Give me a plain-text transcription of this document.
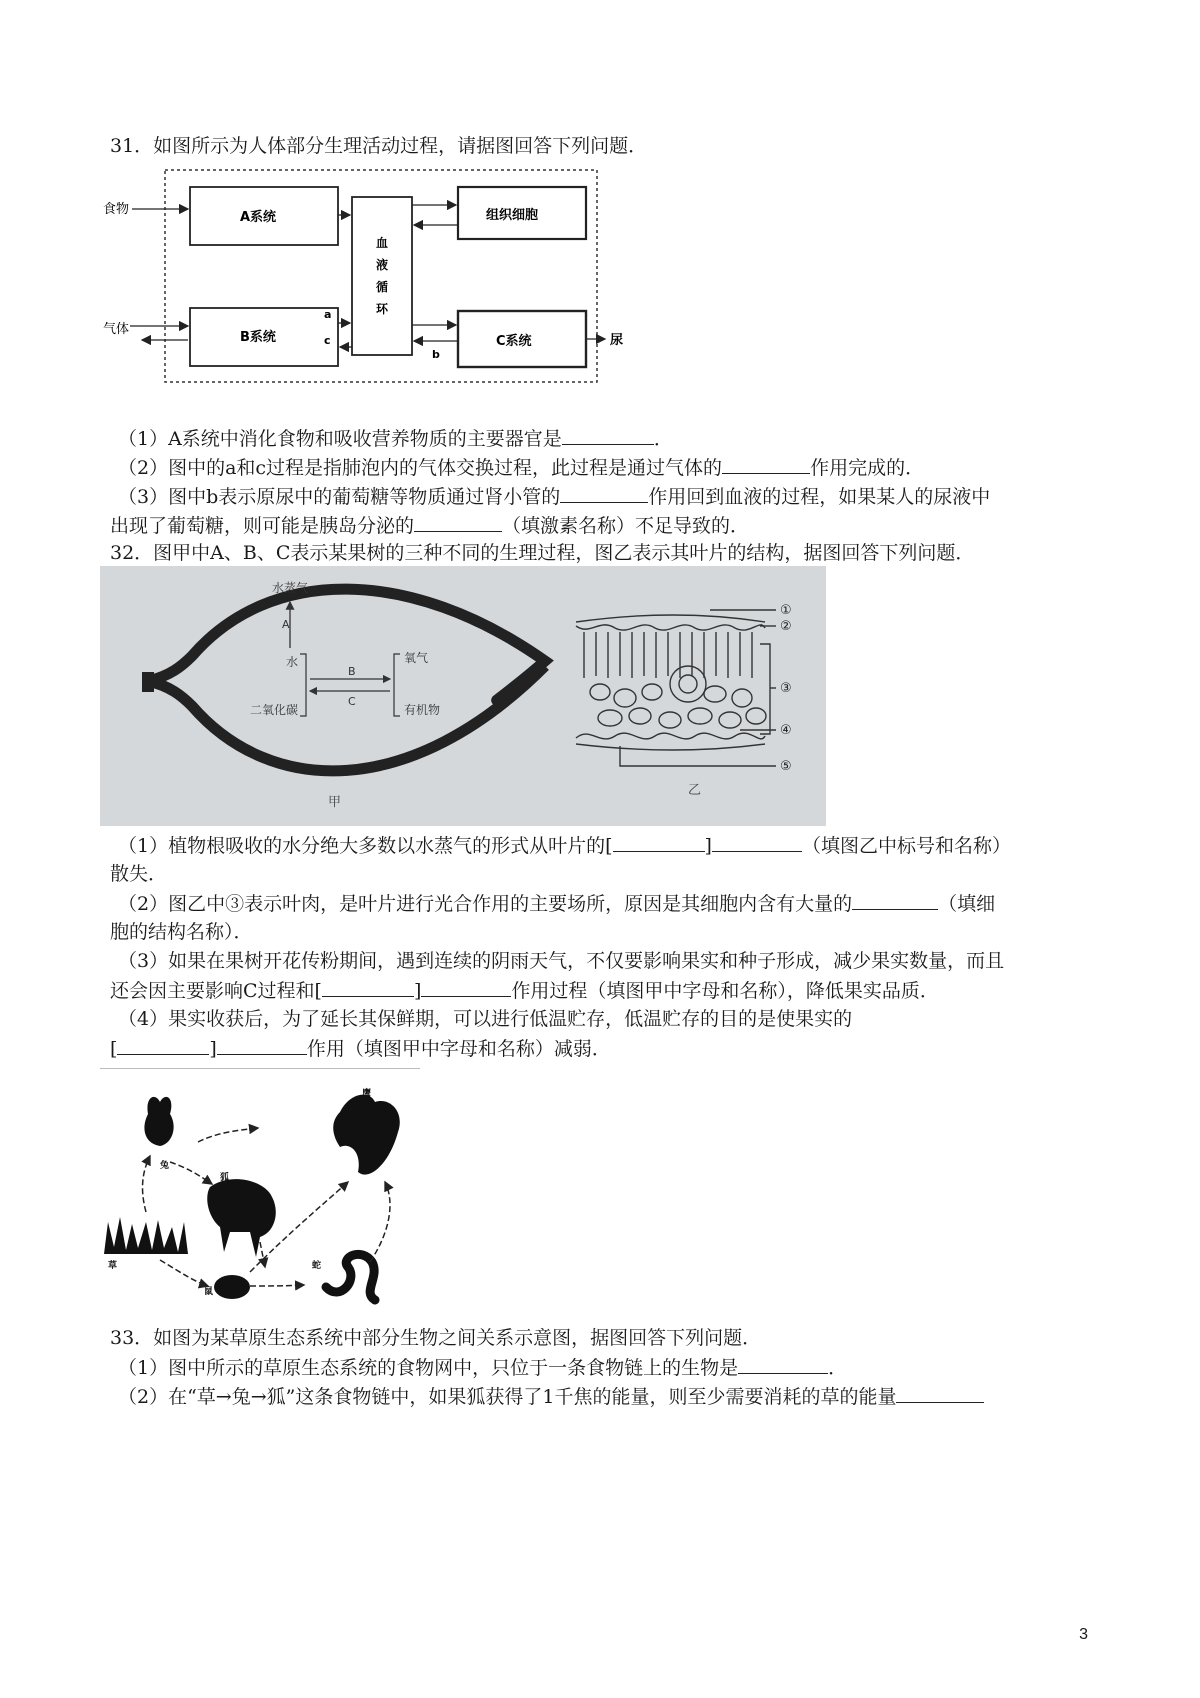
31．如图所示为人体部分生理活动过程，请据图回答下列问题．
食物
A系统
血
液
循
环
组织细胞
气体
B系统
a
c	C系统
b
尿
（1）A系统中消化食物和吸收营养物质的主要器官是	．
（2）图中的a和c过程是指肺泡内的气体交换过程，此过程是通过气体的	作用完成的．
（3）图中b表示原尿中的葡萄糖等物质通过肾小管的	作用回到血液的过程，如果某人的尿液中
出现了葡萄糖，则可能是胰岛分泌的	（填激素名称）不足导致的．
32．图甲中A、B、C表示某果树的三种不同的生理过程，图乙表示其叶片的结构，据图回答下列问题．
水蒸气
A
水
二氧化碳
B
C
氧气
有机物
甲
①
②
③
④
⑤
乙
（1）植物根吸收的水分绝大多数以水蒸气的形式从叶片的[	]	（填图乙中标号和名称）
散失．
（2）图乙中③表示叶肉，是叶片进行光合作用的主要场所，原因是其细胞内含有大量的	（填细
胞的结构名称）．
（3）如果在果树开花传粉期间，遇到连续的阴雨天气，不仅要影响果实和种子形成，减少果实数量，而且
还会因主要影响C过程和[	]	作用过程（填图甲中字母和名称），降低果实品质．
（4）果实收获后，为了延长其保鲜期，可以进行低温贮存，低温贮存的目的是使果实的
[	]	作用（填图甲中字母和名称）减弱．
兔
鹰
狐
草
鼠
蛇
33．如图为某草原生态系统中部分生物之间关系示意图，据图回答下列问题．
（1）图中所示的草原生态系统的食物网中，只位于一条食物链上的生物是	．
（2）在“草→兔→狐”这条食物链中，如果狐获得了1千焦的能量，则至少需要消耗的草的能量
3
